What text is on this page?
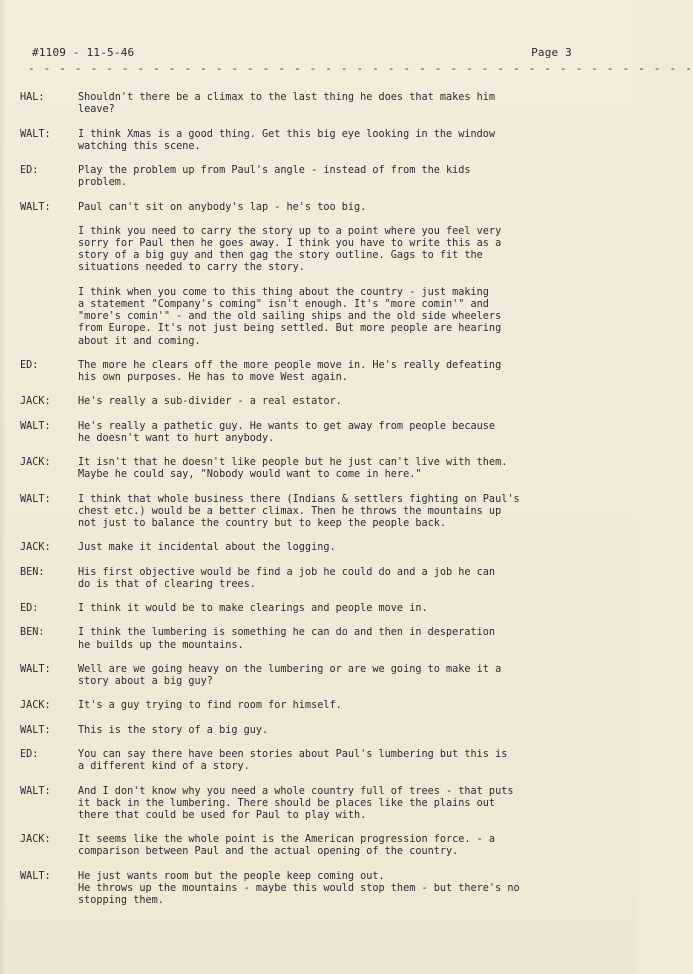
#1109 - 11-5-46	Page 3
- - - - - - - - - - - - - - - - - - - - - - - - - - - - - - - - - - - - - - - - - - -
HAL:	Shouldn't there be a climax to the last thing he does that makes him
leave?
WALT:	I think Xmas is a good thing. Get this big eye looking in the window
watching this scene.
ED:	Play the problem up from Paul's angle - instead of from the kids
problem.
WALT:	Paul can't sit on anybody's lap - he's too big.
I think you need to carry the story up to a point where you feel very
sorry for Paul then he goes away. I think you have to write this as a
story of a big guy and then gag the story outline. Gags to fit the
situations needed to carry the story.
I think when you come to this thing about the country - just making
a statement "Company's coming" isn't enough. It's "more comin'" and
"more's comin'" - and the old sailing ships and the old side wheelers
from Europe. It's not just being settled. But more people are hearing
about it and coming.
ED:	The more he clears off the more people move in. He's really defeating
his own purposes. He has to move West again.
JACK:	He's really a sub-divider - a real estator.
WALT:	He's really a pathetic guy. He wants to get away from people because
he doesn't want to hurt anybody.
JACK:	It isn't that he doesn't like people but he just can't live with them.
Maybe he could say, "Nobody would want to come in here."
WALT:	I think that whole business there (Indians & settlers fighting on Paul's
chest etc.) would be a better climax. Then he throws the mountains up
not just to balance the country but to keep the people back.
JACK:	Just make it incidental about the logging.
BEN:	His first objective would be find a job he could do and a job he can
do is that of clearing trees.
ED:	I think it would be to make clearings and people move in.
BEN:	I think the lumbering is something he can do and then in desperation
he builds up the mountains.
WALT:	Well are we going heavy on the lumbering or are we going to make it a
story about a big guy?
JACK:	It's a guy trying to find room for himself.
WALT:	This is the story of a big guy.
ED:	You can say there have been stories about Paul's lumbering but this is
a different kind of a story.
WALT:	And I don't know why you need a whole country full of trees - that puts
it back in the lumbering. There should be places like the plains out
there that could be used for Paul to play with.
JACK:	It seems like the whole point is the American progression force. - a
comparison between Paul and the actual opening of the country.
WALT:	He just wants room but the people keep coming out.
He throws up the mountains - maybe this would stop them - but there's no
stopping them.
